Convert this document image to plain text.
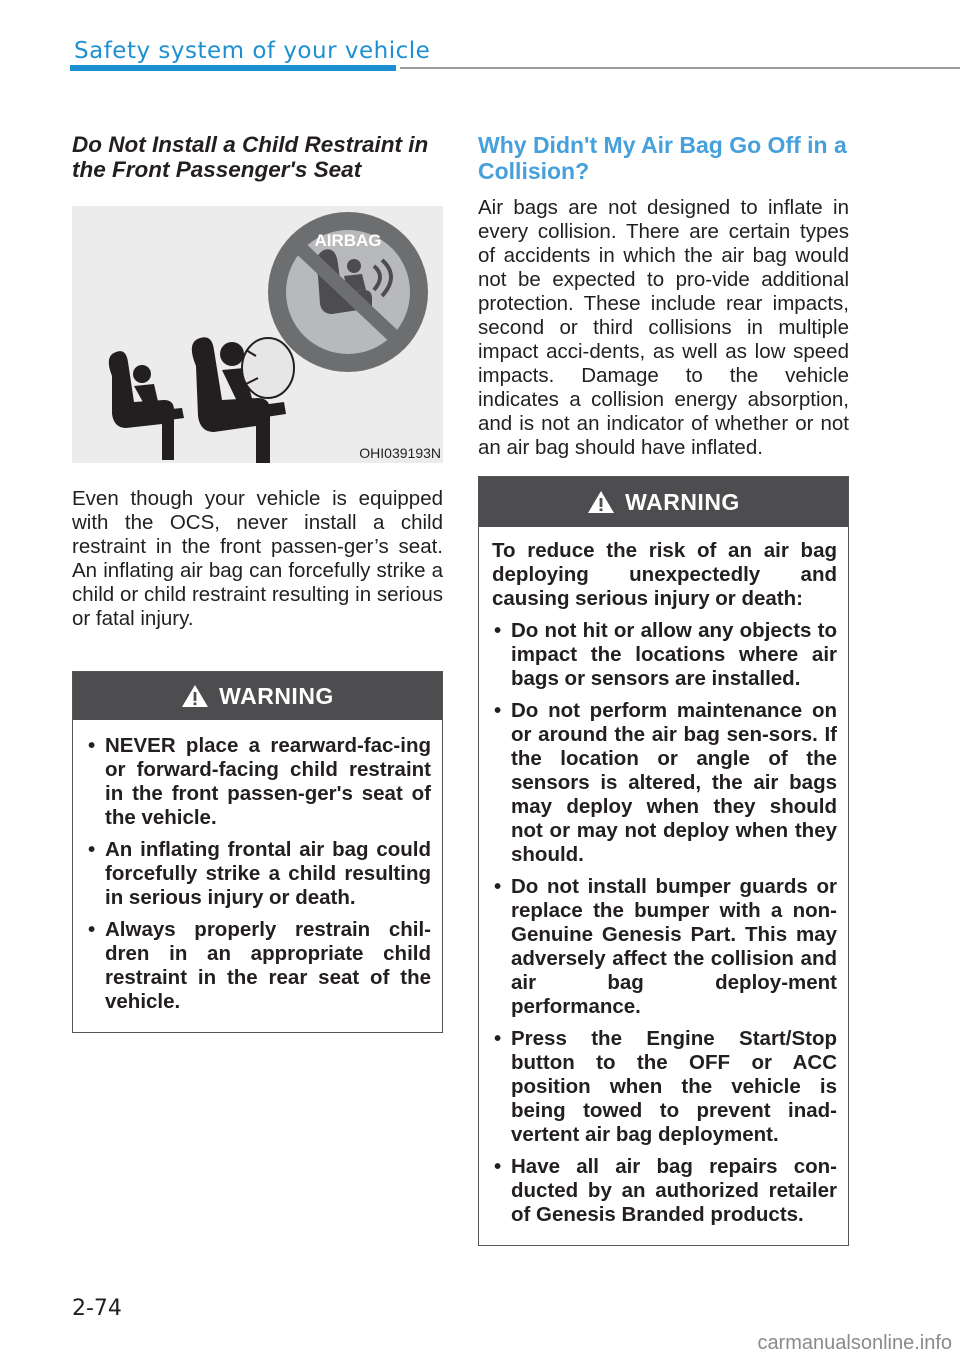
Safety system of your vehicle
Do Not Install a Child Restraint in the Front Passenger's Seat
AIRBAG
OHI039193N

Even though your vehicle is equipped with the OCS, never install a child restraint in the front passen-ger’s seat. An inflating air bag can forcefully strike a child or child restraint resulting in serious or fatal injury.

WARNING
• NEVER place a rearward-fac-ing or forward-facing child restraint in the front passen-ger's seat of the vehicle.
• An inflating frontal air bag could forcefully strike a child resulting in serious injury or death.
• Always properly restrain chil-dren in an appropriate child restraint in the rear seat of the vehicle.
Why Didn't My Air Bag Go Off in a Collision?

Air bags are not designed to inflate in every collision. There are certain types of accidents in which the air bag would not be expected to pro-vide additional protection. These include rear impacts, second or third collisions in multiple impact acci-dents, as well as low speed impacts. Damage to the vehicle indicates a collision energy absorption, and is not an indicator of whether or not an air bag should have inflated.

WARNING

To reduce the risk of an air bag deploying unexpectedly and causing serious injury or death:

• Do not hit or allow any objects to impact the locations where air bags or sensors are installed.
• Do not perform maintenance on or around the air bag sen-sors. If the location or angle of the sensors is altered, the air bags may deploy when they should not or may not deploy when they should.
• Do not install bumper guards or replace the bumper with a non-Genuine Genesis Part. This may adversely affect the collision and air bag deploy-ment performance.
• Press the Engine Start/Stop button to the OFF or ACC position when the vehicle is being towed to prevent inad-vertent air bag deployment.
• Have all air bag repairs con-ducted by an authorized retailer of Genesis Branded products.
2-74
carmanualsonline.info
